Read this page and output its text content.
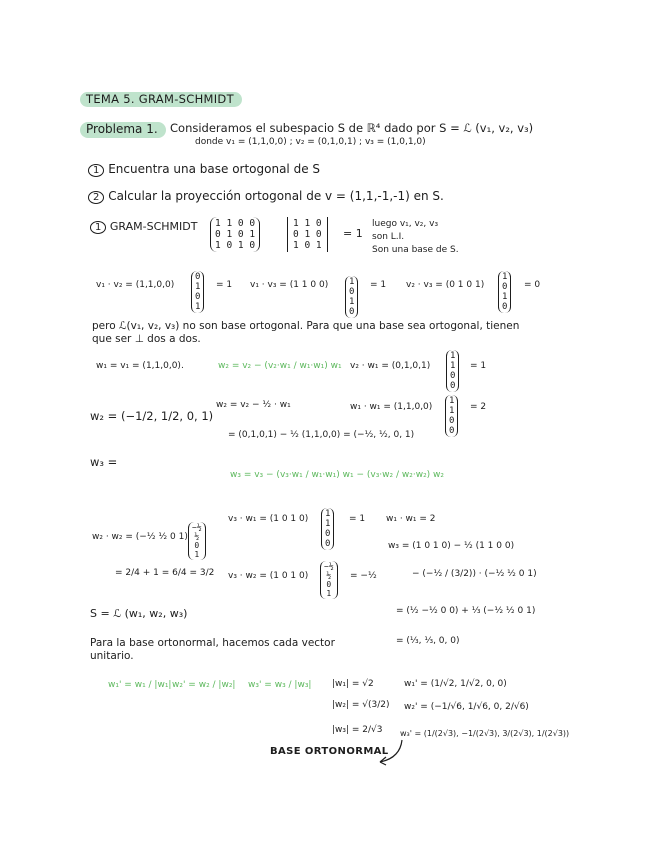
TEMA 5. GRAM-SCHMIDT
Problema 1.	Consideramos el subespacio S de ℝ⁴ dado por S = ℒ (v₁, v₂, v₃)
donde v₁ = (1,1,0,0) ; v₂ = (0,1,0,1) ; v₃ = (1,0,1,0)
1 Encuentra una base ortogonal de S
2 Calcular la proyección ortogonal de v = (1,1,-1,-1) en S.
1 GRAM-SCHMIDT	1 1 0 0
0 1 0 1
1 0 1 0
1 1 0
0 1 0
1 0 1
= 1
luego v₁, v₂, v₃
son L.I.
Son una base de S.
v₁ · v₂ = (1,1,0,0)
0
1
0
1
= 1 v₁ · v₃ = (1 1 0 0)	1
0
1
0
= 1 v₂ · v₃ = (0 1 0 1)
1
0
1
0
= 0
pero ℒ(v₁, v₂, v₃) no son base ortogonal. Para que una base sea ortogonal, tienen
que ser ⊥ dos a dos.
w₁ = v₁ = (1,1,0,0).	w₂ = v₂ − (v₂·w₁ / w₁·w₁) w₁ v₂ · w₁ = (0,1,0,1)
1
1
0
0
= 1
w₂ = (−1/2, 1/2, 0, 1)
w₂ = v₂ − ½ · w₁
= (0,1,0,1) − ½ (1,1,0,0) = (−½, ½, 0, 1)
w₁ · w₁ = (1,1,0,0)
1
1
0
0
= 2
w₃ =
w₃ = v₃ − (v₃·w₁ / w₁·w₁) w₁ − (v₃·w₂ / w₂·w₂) w₂
w₂ · w₂ = (−½ ½ 0 1)
−½
½
0
1
= 2/4 + 1 = 6/4 = 3/2
v₃ · w₁ = (1 0 1 0)	1
1
0
0
= 1 w₁ · w₁ = 2
v₃ · w₂ = (1 0 1 0)
−½
½
0
1
= −½
w₃ = (1 0 1 0) − ½ (1 1 0 0)
− (−½ / (3/2)) · (−½ ½ 0 1)
= (½ −½ 0 0) + ⅓ (−½ ½ 0 1)
= (⅓, ⅓, 0, 0)
S = ℒ (w₁, w₂, w₃)
Para la base ortonormal, hacemos cada vector
unitario.
w₁' = w₁ / |w₁| w₂' = w₂ / |w₂| w₃' = w₃ / |w₃| |w₁| = √2
|w₂| = √(3/2)
|w₃| = 2/√3
w₁' = (1/√2, 1/√2, 0, 0)
w₂' = (−1/√6, 1/√6, 0, 2/√6)
w₃' = (1/(2√3), −1/(2√3), 3/(2√3), 1/(2√3))
BASE ORTONORMAL
